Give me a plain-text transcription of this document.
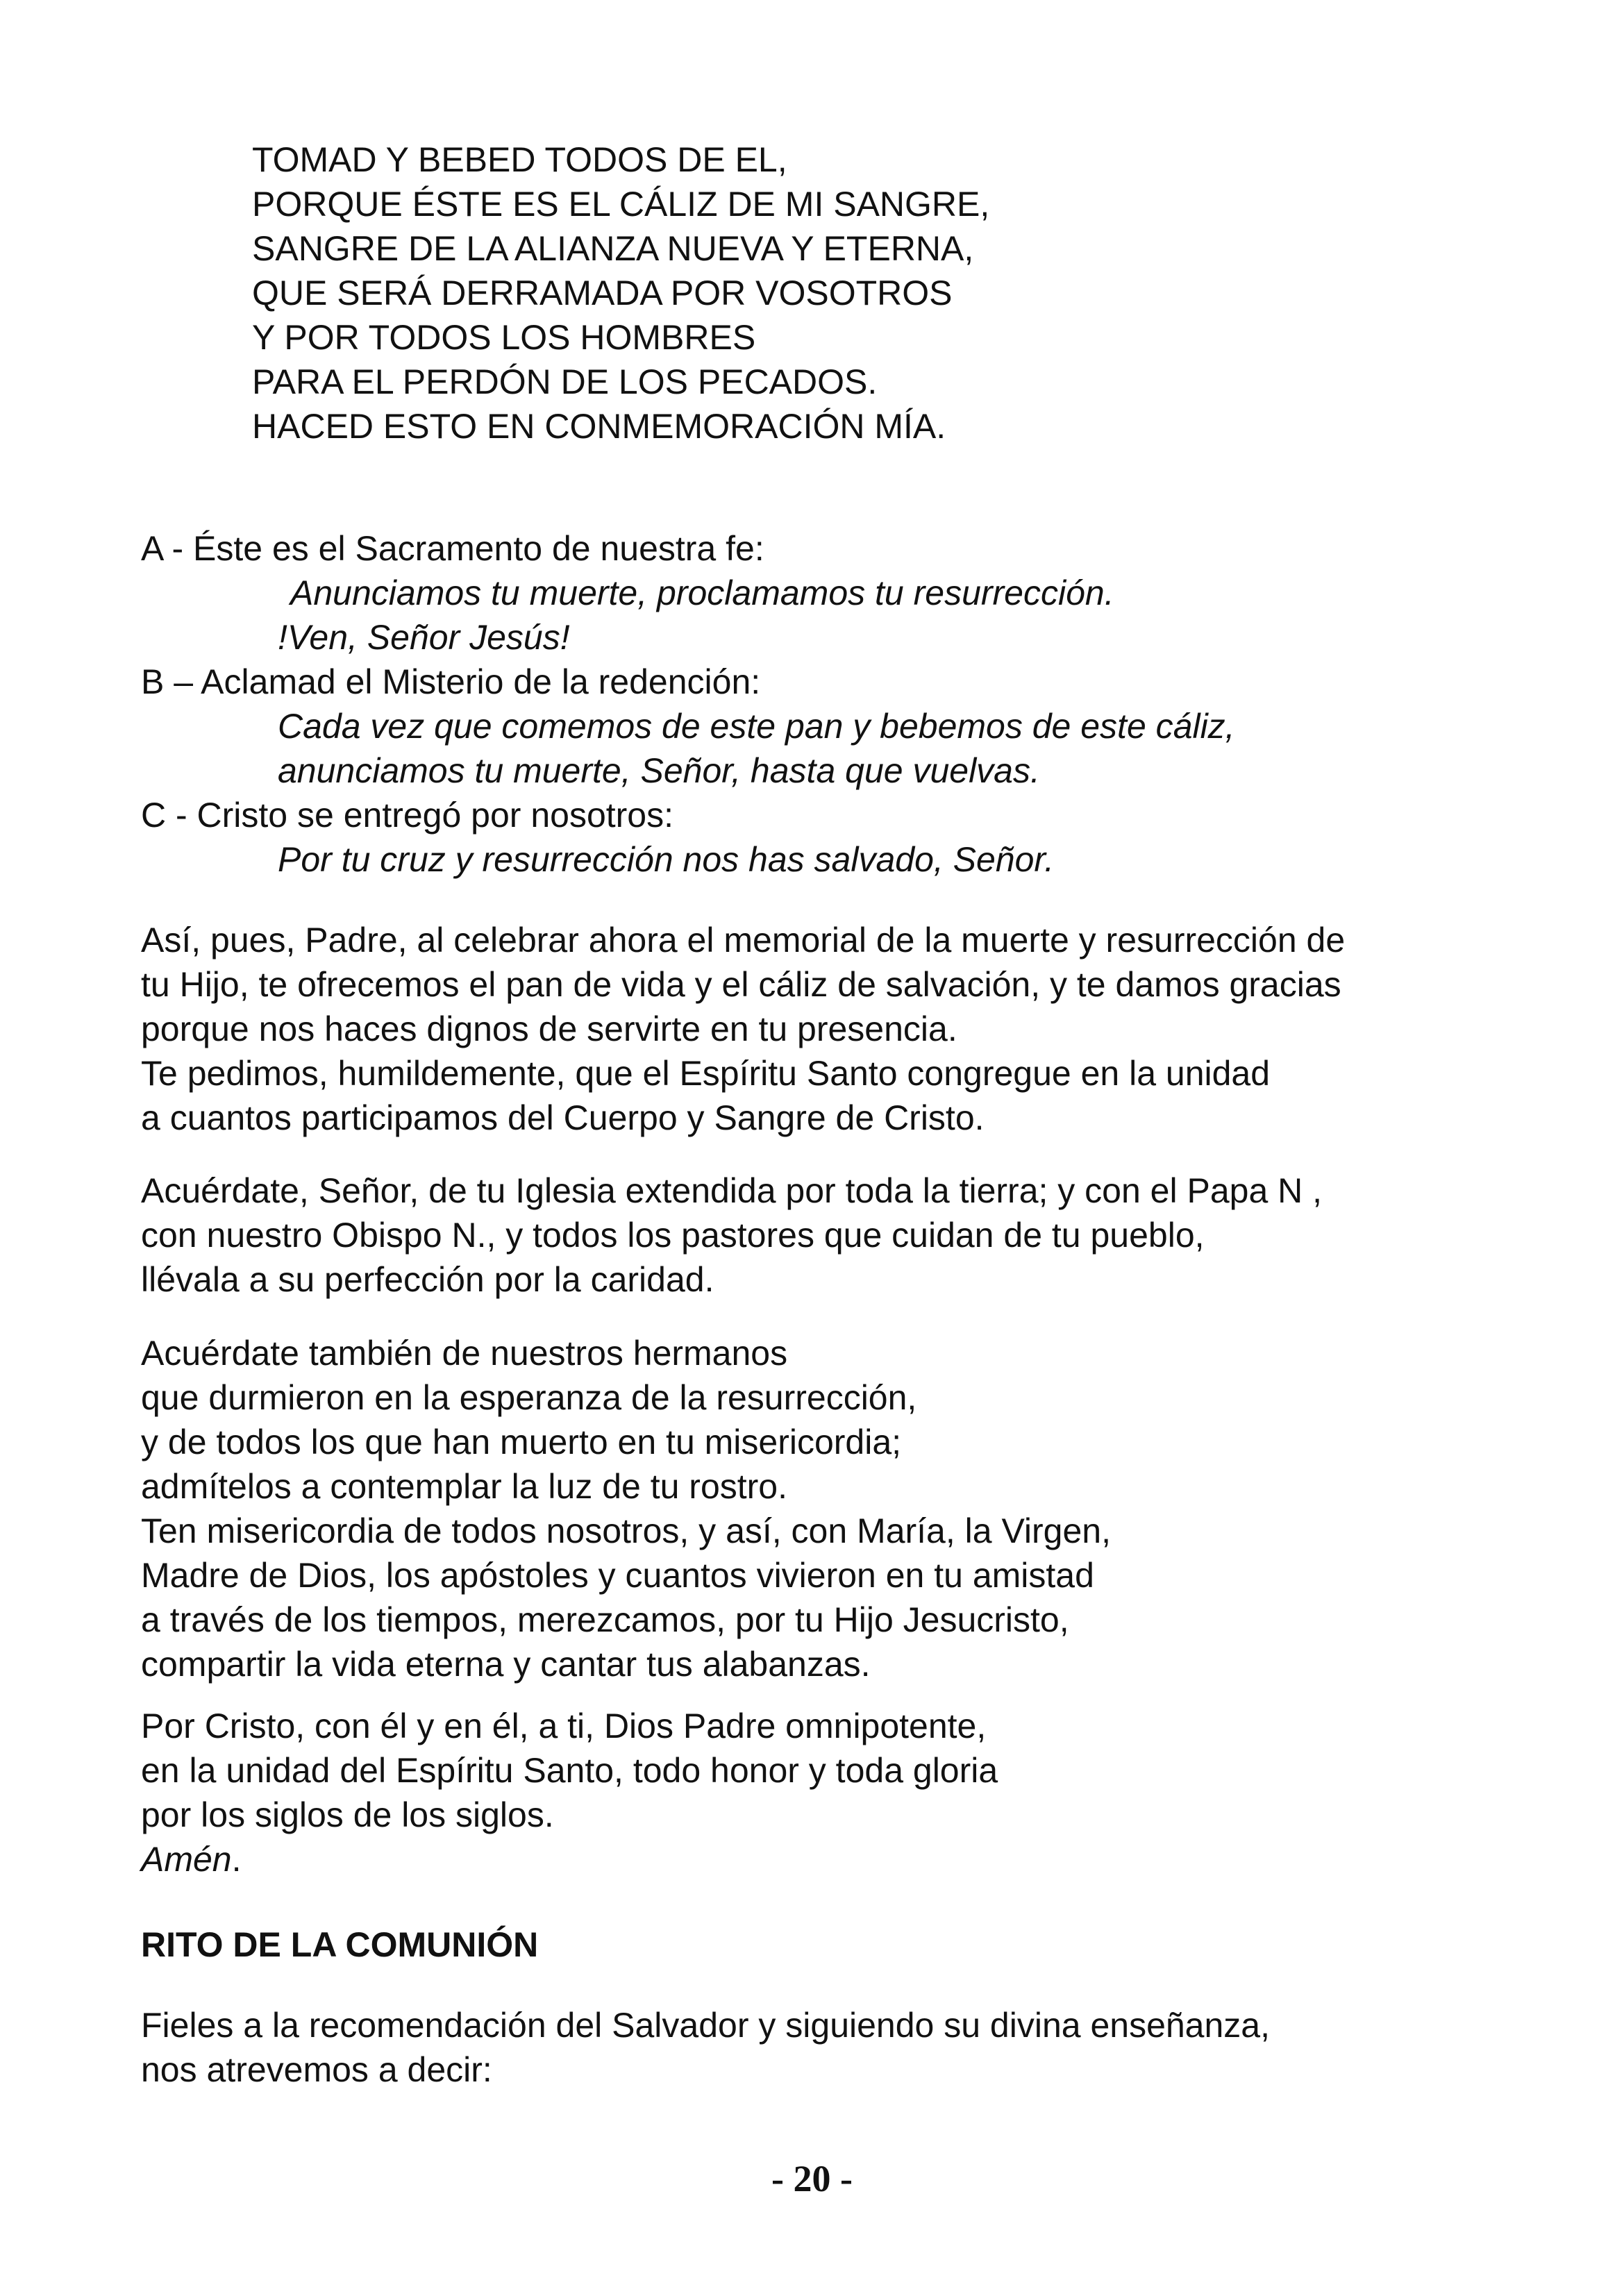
TOMAD Y BEBED TODOS DE EL,
PORQUE ÉSTE ES EL CÁLIZ DE MI SANGRE,
SANGRE DE LA ALIANZA NUEVA Y ETERNA,
QUE SERÁ DERRAMADA POR VOSOTROS
Y POR TODOS LOS HOMBRES
PARA EL PERDÓN DE LOS PECADOS.
HACED ESTO EN CONMEMORACIÓN MÍA.
A - Éste es el Sacramento de nuestra fe:
Anunciamos tu muerte, proclamamos tu resurrección.
!Ven, Señor Jesús!
B – Aclamad el Misterio de la redención:
Cada vez que comemos de este pan y bebemos de este cáliz,
anunciamos tu muerte, Señor, hasta que vuelvas.
C - Cristo se entregó por nosotros:
Por tu cruz y resurrección nos has salvado, Señor.
Así, pues, Padre, al celebrar ahora el memorial de la muerte y resurrección de
tu Hijo, te ofrecemos el pan de vida y el cáliz de salvación, y te damos gracias
porque nos haces dignos de servirte en tu presencia.
Te pedimos, humildemente, que el Espíritu Santo congregue en la unidad
a cuantos participamos del Cuerpo y Sangre de Cristo.
Acuérdate, Señor, de tu Iglesia extendida por toda la tierra; y con el Papa N ,
con nuestro Obispo N., y todos los pastores que cuidan de tu pueblo,
llévala a su perfección por la caridad.
Acuérdate también de nuestros hermanos
que durmieron en la esperanza de la resurrección,
y de todos los que han muerto en tu misericordia;
admítelos a contemplar la luz de tu rostro.
Ten misericordia de todos nosotros, y así, con María, la Virgen,
Madre de Dios, los apóstoles y cuantos vivieron en tu amistad
a través de los tiempos, merezcamos, por tu Hijo Jesucristo,
compartir la vida eterna y cantar tus alabanzas.
Por Cristo, con él y en él, a ti, Dios Padre omnipotente,
en la unidad del Espíritu Santo, todo honor y toda gloria
por los siglos de los siglos.
Amén.
RITO DE LA COMUNIÓN
Fieles a la recomendación del Salvador y siguiendo su divina enseñanza,
nos atrevemos a decir:
- 20 -
